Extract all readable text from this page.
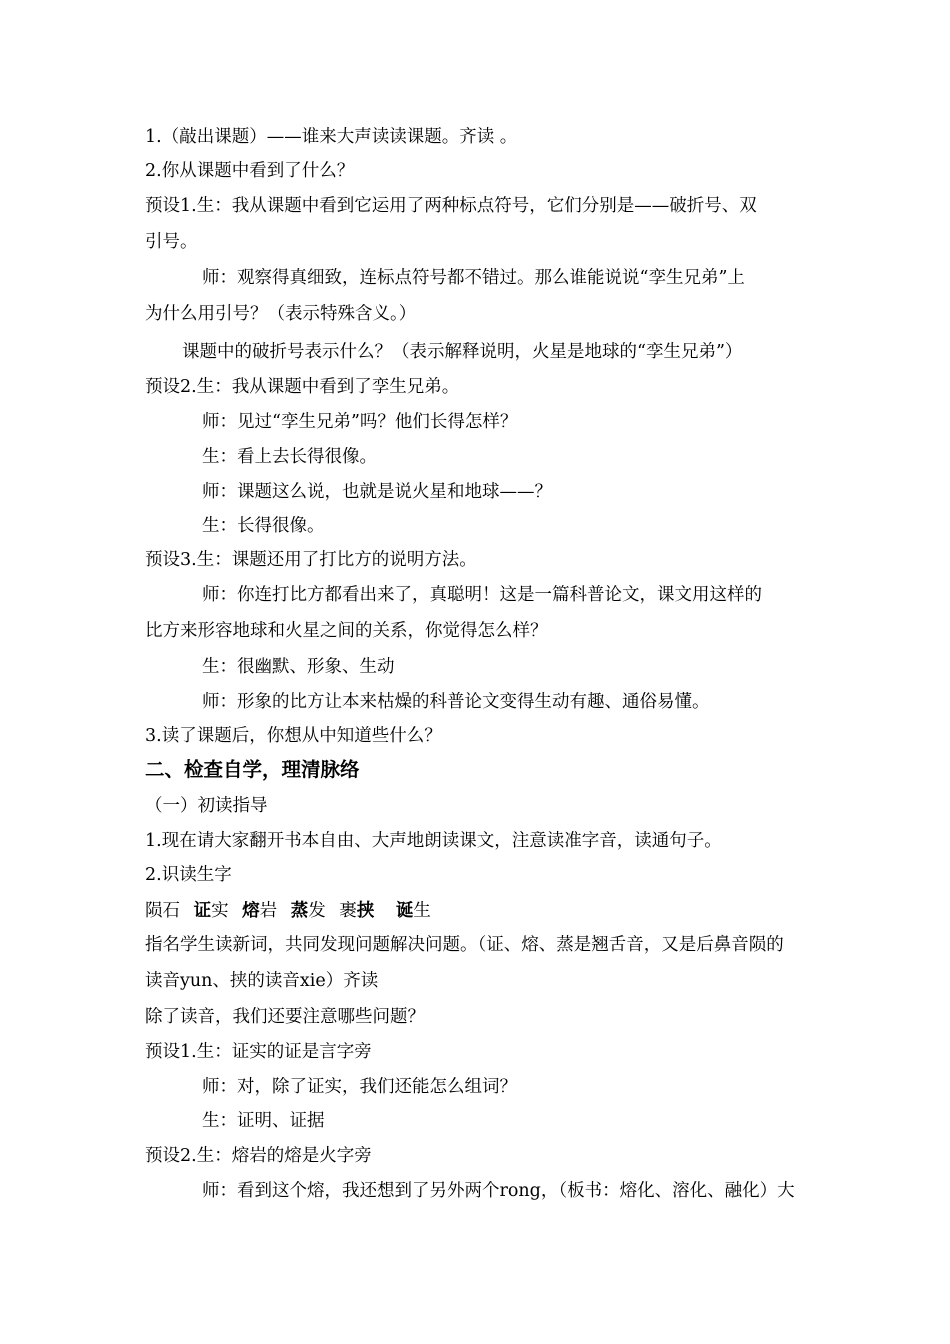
1.（敲出课题）——谁来大声读读课题。齐读 。
2.你从课题中看到了什么？
预设1.生：我从课题中看到它运用了两种标点符号，它们分别是——破折号、双
引号。
师：观察得真细致，连标点符号都不错过。那么谁能说说“孪生兄弟”上
为什么用引号？（表示特殊含义。）
课题中的破折号表示什么？（表示解释说明，火星是地球的“孪生兄弟”）
预设2.生：我从课题中看到了孪生兄弟。
师：见过“孪生兄弟”吗？他们长得怎样？
生：看上去长得很像。
师：课题这么说，也就是说火星和地球——？
生：长得很像。
预设3.生：课题还用了打比方的说明方法。
师：你连打比方都看出来了，真聪明！这是一篇科普论文，课文用这样的
比方来形容地球和火星之间的关系，你觉得怎么样？
生：很幽默、形象、生动
师：形象的比方让本来枯燥的科普论文变得生动有趣、通俗易懂。
3.读了课题后，你想从中知道些什么？
二、检查自学，理清脉络
（一）初读指导
1.现在请大家翻开书本自由、大声地朗读课文，注意读准字音，读通句子。
2.识读生字
陨石 证实 熔岩 蒸发 裹挟 诞生
指名学生读新词，共同发现问题解决问题。（证、熔、蒸是翘舌音，又是后鼻音陨的
读音yun、挟的读音xie）齐读
除了读音，我们还要注意哪些问题？
预设1.生：证实的证是言字旁
师：对，除了证实，我们还能怎么组词？
生：证明、证据
预设2.生：熔岩的熔是火字旁
师：看到这个熔，我还想到了另外两个rong，（板书：熔化、溶化、融化）大
